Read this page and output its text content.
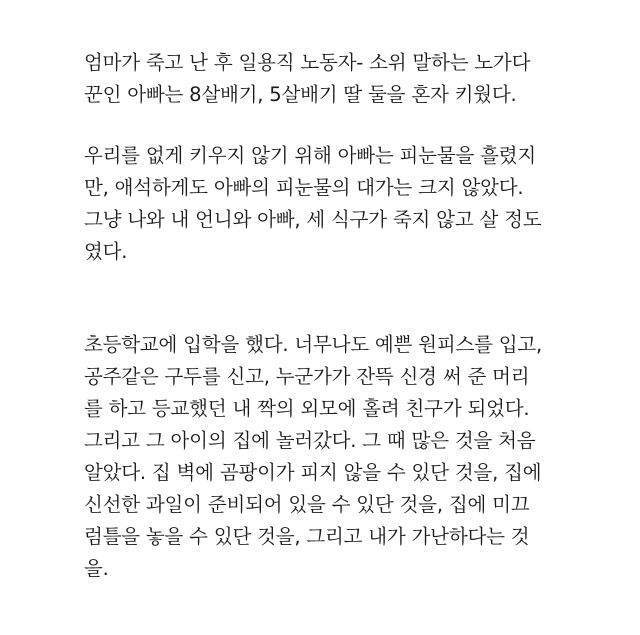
엄마가 죽고 난 후 일용직 노동자- 소위 말하는 노가다
꾼인 아빠는 8살배기, 5살배기 딸 둘을 혼자 키웠다.
우리를 없게 키우지 않기 위해 아빠는 피눈물을 흘렸지
만, 애석하게도 아빠의 피눈물의 대가는 크지 않았다.
그냥 나와 내 언니와 아빠, 세 식구가 죽지 않고 살 정도
였다.
초등학교에 입학을 했다. 너무나도 예쁜 원피스를 입고,
공주같은 구두를 신고, 누군가가 잔뜩 신경 써 준 머리
를 하고 등교했던 내 짝의 외모에 홀려 친구가 되었다.
그리고 그 아이의 집에 놀러갔다. 그 때 많은 것을 처음
알았다. 집 벽에 곰팡이가 피지 않을 수 있단 것을, 집에
신선한 과일이 준비되어 있을 수 있단 것을, 집에 미끄
럼틀을 놓을 수 있단 것을, 그리고 내가 가난하다는 것
을.
